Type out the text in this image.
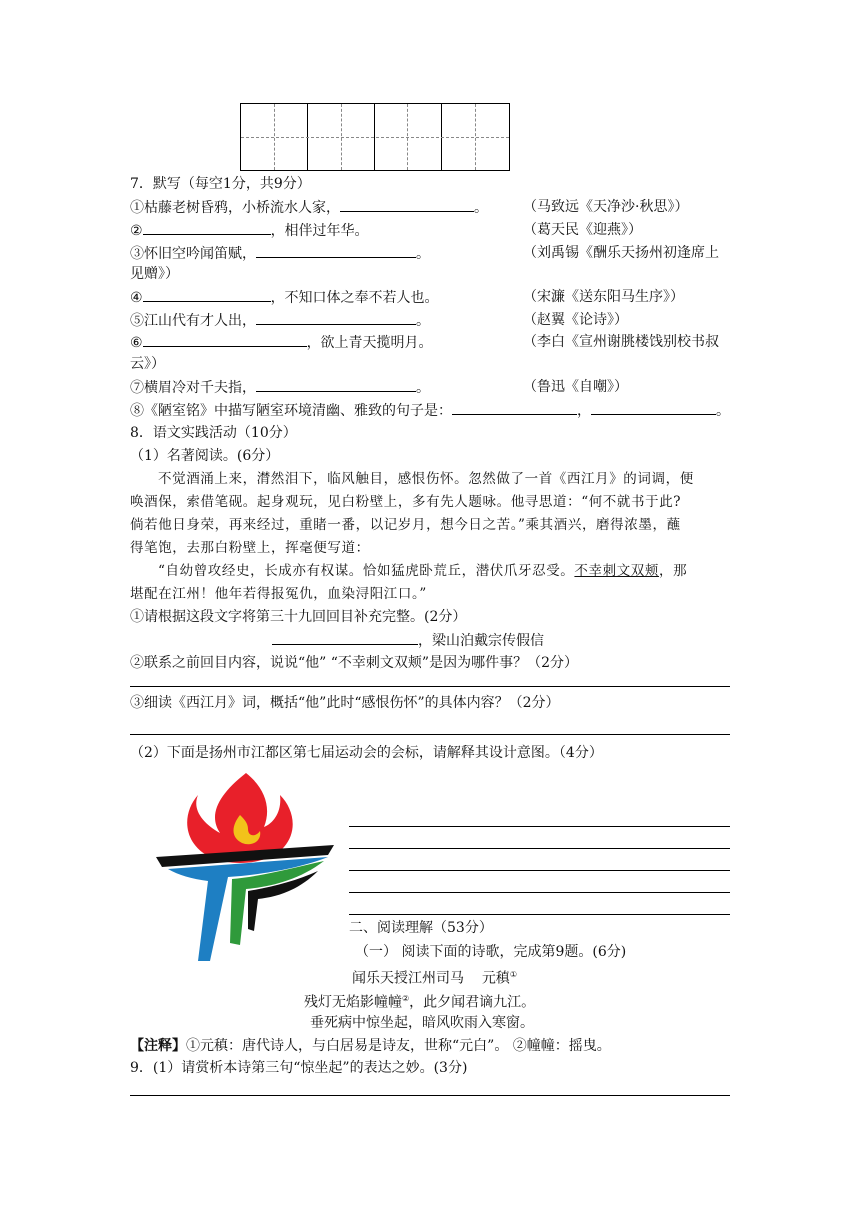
7．默写（每空1分，共9分）
①枯藤老树昏鸦，小桥流水人家，	。	（马致远《天净沙·秋思》）
②	，相伴过年华。	（葛天民《迎燕》）
③怀旧空吟闻笛赋，	。	（刘禹锡《酬乐天扬州初逢席上
见赠》）
④	，不知口体之奉不若人也。	（宋濂《送东阳马生序》）
⑤江山代有才人出，	。	（赵翼《论诗》）
⑥	，欲上青天揽明月。	（李白《宣州谢朓楼饯别校书叔
云》）
⑦横眉冷对千夫指，	。	（鲁迅《自嘲》）
⑧《陋室铭》中描写陋室环境清幽、雅致的句子是：	，	。
8．语文实践活动（10分）
（1）名著阅读。(6分）
不觉酒涌上来，潸然泪下，临风触目，感恨伤怀。忽然做了一首《西江月》的词调，便
唤酒保，索借笔砚。起身观玩，见白粉壁上，多有先人题咏。他寻思道：“何不就书于此?
倘若他日身荣，再来经过，重睹一番，以记岁月，想今日之苦。”乘其酒兴，磨得浓墨，蘸
得笔饱，去那白粉壁上，挥毫便写道：
“自幼曾攻经史，长成亦有权谋。恰如猛虎卧荒丘，潜伏爪牙忍受。不幸刺文双颊，那
堪配在江州！他年若得报冤仇，血染浔阳江口。”
①请根据这段文字将第三十九回回目补充完整。(2分）
，梁山泊戴宗传假信
②联系之前回目内容，说说“他” “不幸刺文双颊”是因为哪件事？（2分）
③细读《西江月》词，概括“他”此时“感恨伤怀”的具体内容？（2分）
（2）下面是扬州市江都区第七届运动会的会标，请解释其设计意图。（4分）
二、阅读理解（53分）
（一） 阅读下面的诗歌，完成第9题。(6分)
闻乐天授江州司马 元稹①
残灯无焰影幢幢②，此夕闻君谪九江。
垂死病中惊坐起，暗风吹雨入寒窗。
【注释】①元稹：唐代诗人，与白居易是诗友，世称“元白”。 ②幢幢：摇曳。
9．(1）请赏析本诗第三句“惊坐起”的表达之妙。(3分)
